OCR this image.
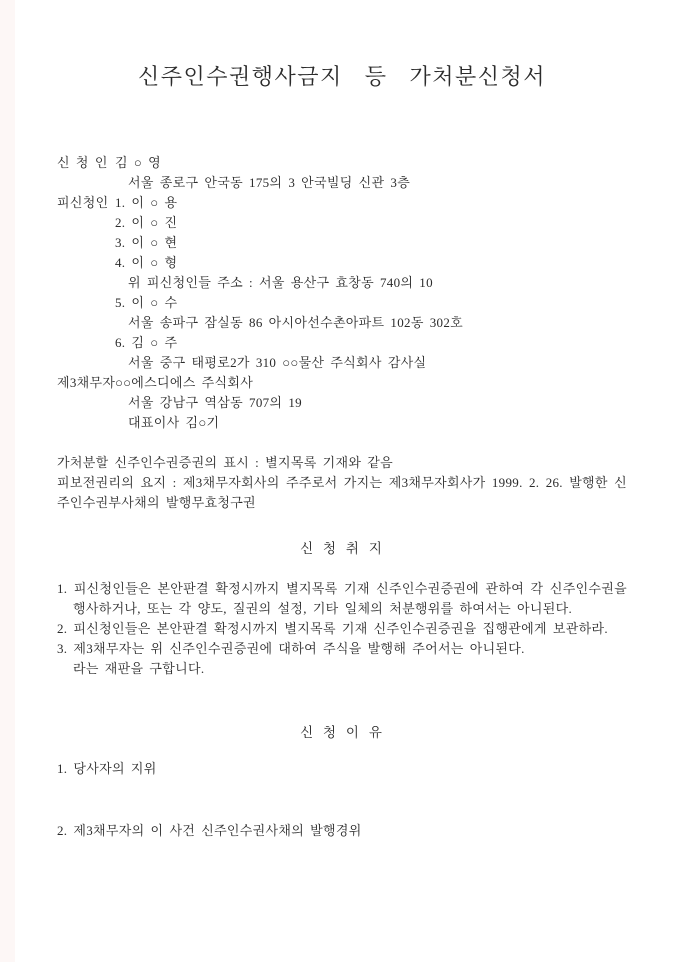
신주인수권행사금지  등  가처분신청서
신 청 인 김 ○ 영
서울 종로구 안국동 175의 3 안국빌딩 신관 3층
피신청인 1. 이 ○ 용
2. 이 ○ 진
3. 이 ○ 현
4. 이 ○ 형
위 피신청인들 주소 : 서울 용산구 효창동 740의 10
5. 이 ○ 수
서울 송파구 잠실동 86 아시아선수촌아파트 102동 302호
6. 김 ○ 주
서울 중구 태평로2가 310 ○○물산 주식회사 감사실
제3채무자 ○○에스디에스 주식회사
서울 강남구 역삼동 707의 19
대표이사 김○기

가처분할 신주인수권증권의 표시 : 별지목록 기재와 같음

피보전권리의 요지 : 제3채무자회사의 주주로서 가지는 제3채무자회사가 1999. 2. 26. 발행한 신주인수권부사채의 발행무효청구권

신 청 취 지

1. 피신청인들은 본안판결 확정시까지 별지목록 기재 신주인수권증권에 관하여 각 신주인수권을 행사하거나, 또는 각 양도, 질권의 설정, 기타 일체의 처분행위를 하여서는 아니된다.

2. 피신청인들은 본안판결 확정시까지 별지목록 기재 신주인수권증권을 집행관에게 보관하라.

3. 제3채무자는 위 신주인수권증권에 대하여 주식을 발행해 주어서는 아니된다.

라는 재판을 구합니다.

신 청 이 유

1. 당사자의 지위

2. 제3채무자의 이 사건 신주인수권사채의 발행경위
